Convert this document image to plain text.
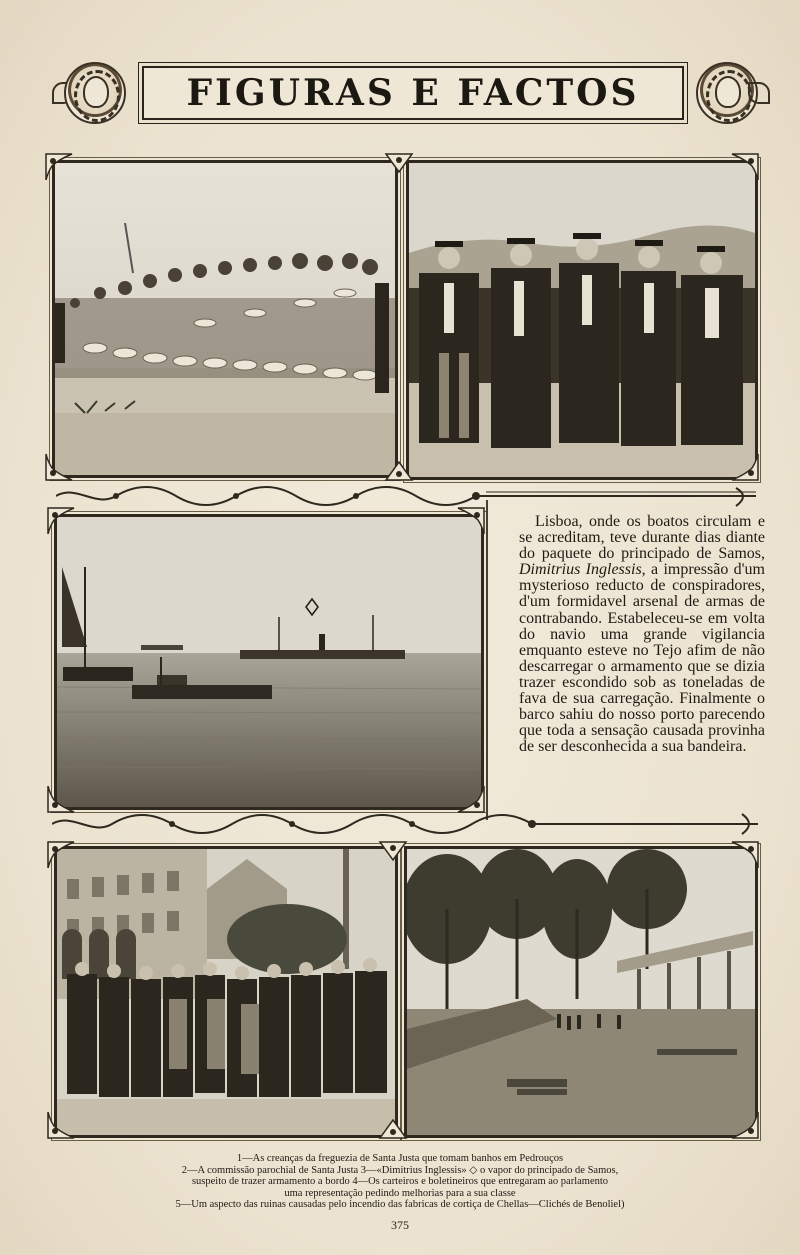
FIGURAS E FACTOS

Lisboa, onde os boatos circulam e se acreditam, teve durante dias diante do paquete do principado de Samos, Dimitrius Inglessis, a impressão d'um mysterioso reducto de conspiradores, d'um formidavel arsenal de armas de contrabando. Estabeleceu-se em volta do navio uma grande vigilancia emquanto esteve no Tejo afim de não descarregar o armamento que se dizia trazer escondido sob as toneladas de fava de sua carregação. Finalmente o barco sahiu do nosso porto parecendo que toda a sensação causada provinha de ser desconhecida a sua bandeira.

1—As creanças da freguezia de Santa Justa que tomam banhos em Pedrouços
2—A commissão parochial de Santa Justa 3—«Dimitrius Inglessis» ◇ o vapor do principado de Samos,
suspeito de trazer armamento a bordo 4—Os carteiros e boletineiros que entregaram ao parlamento
uma representação pedindo melhorias para a sua classe
5—Um aspecto das ruinas causadas pelo incendio das fabricas de cortiça de Chellas—Clichés de Benoliel)
375
